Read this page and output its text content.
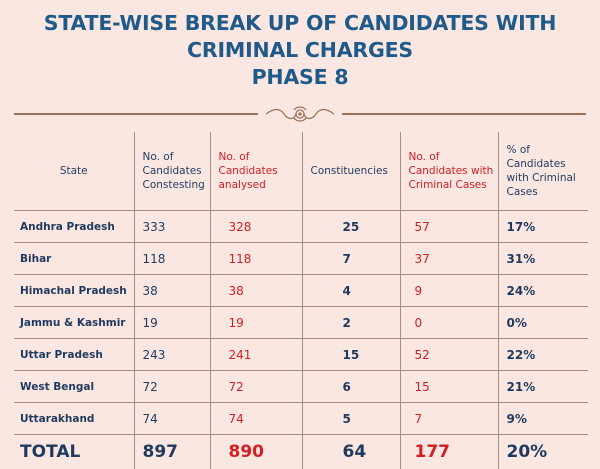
STATE-WISE BREAK UP OF CANDIDATES WITH
CRIMINAL CHARGES
PHASE 8
State	No. of Candidates Constesting	No. of Candidates analysed	Constituencies	No. of Candidates with Criminal Cases	% of Candidates with Criminal Cases
Andhra Pradesh	333	328	25	57	17%
Bihar	118	118	7	37	31%
Himachal Pradesh	38	38	4	9	24%
Jammu & Kashmir	19	19	2	0	0%
Uttar Pradesh	243	241	15	52	22%
West Bengal	72	72	6	15	21%
Uttarakhand	74	74	5	7	9%
TOTAL	897	890	64	177	20%
